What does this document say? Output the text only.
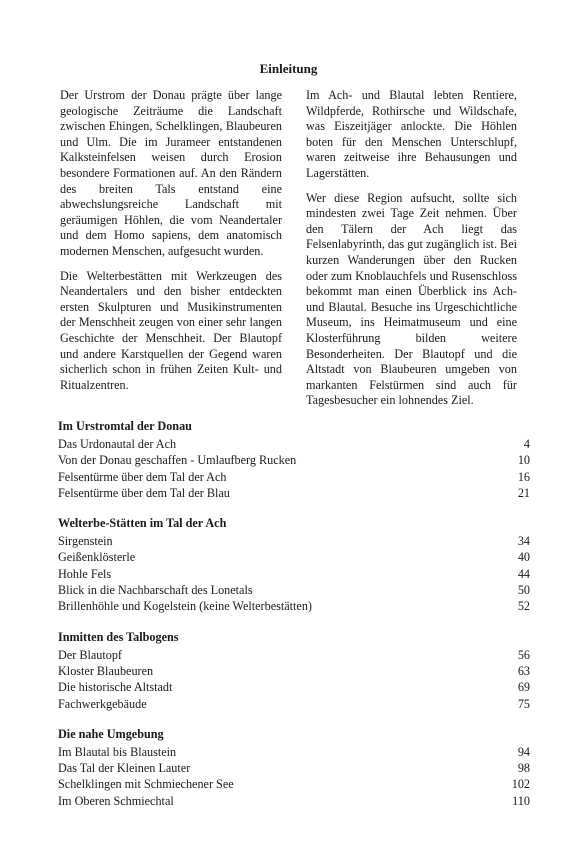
Einleitung

Der Urstrom der Donau prägte über lange geologische Zeiträume die Landschaft zwischen Ehingen, Schelklingen, Blaubeuren und Ulm. Die im Jurameer entstandenen Kalksteinfelsen weisen durch Erosion besondere Formationen auf. An den Rändern des breiten Tals entstand eine abwechslungsreiche Landschaft mit geräumigen Höhlen, die vom Neandertaler und dem Homo sapiens, dem anatomisch modernen Menschen, aufgesucht wurden.

Die Welterbestätten mit Werkzeugen des Neandertalers und den bisher entdeckten ersten Skulpturen und Musikinstrumenten der Menschheit zeugen von einer sehr langen Geschichte der Menschheit. Der Blautopf und andere Karstquellen der Gegend waren sicherlich schon in frühen Zeiten Kult- und Ritualzentren.

Im Ach- und Blautal lebten Rentiere, Wildpferde, Rothirsche und Wildschafe, was Eiszeitjäger anlockte. Die Höhlen boten für den Menschen Unterschlupf, waren zeitweise ihre Behausungen und Lagerstätten.

Wer diese Region aufsucht, sollte sich mindesten zwei Tage Zeit nehmen. Über den Tälern der Ach liegt das Felsenlabyrinth, das gut zugänglich ist. Bei kurzen Wanderungen über den Rucken oder zum Knoblauchfels und Rusenschloss bekommt man einen Überblick ins Ach- und Blautal. Besuche ins Urgeschichtliche Museum, ins Heimatmuseum und eine Klosterführung bilden weitere Besonderheiten. Der Blautopf und die Altstadt von Blaubeuren umgeben von markanten Felstürmen sind auch für Tagesbesucher ein lohnendes Ziel.

Im Urstromtal der Donau
Das Urdonautal der Ach	4
Von der Donau geschaffen - Umlaufberg Rucken	10
Felsentürme über dem Tal der Ach	16
Felsentürme über dem Tal der Blau	21
Welterbe-Stätten im Tal der Ach
Sirgenstein	34
Geißenklösterle	40
Hohle Fels	44
Blick in die Nachbarschaft des Lonetals	50
Brillenhöhle und Kogelstein (keine Welterbestätten)	52
Inmitten des Talbogens
Der Blautopf	56
Kloster Blaubeuren	63
Die historische Altstadt	69
Fachwerkgebäude	75
Die nahe Umgebung
Im Blautal bis Blaustein	94
Das Tal der Kleinen Lauter	98
Schelklingen mit Schmiechener See	102
Im Oberen Schmiechtal	110
